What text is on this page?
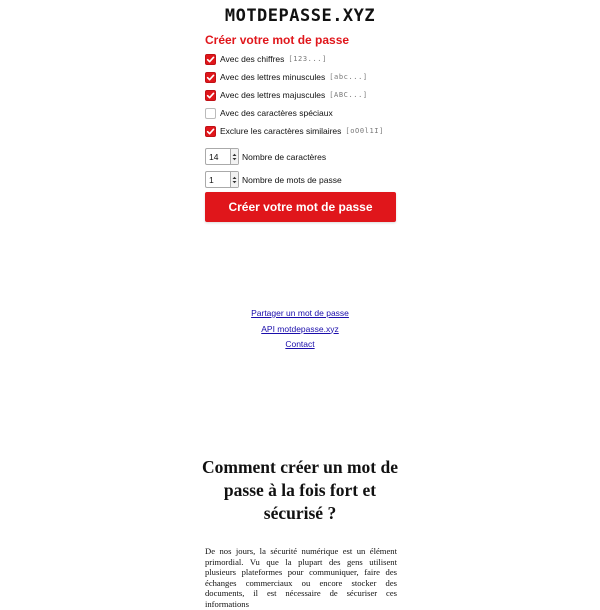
MOTDEPASSE.XYZ
Créer votre mot de passe
Avec des chiffres [123...]
Avec des lettres minuscules [abc...]
Avec des lettres majuscules [ABC...]
Avec des caractères spéciaux
Exclure les caractères similaires [oO0l1I]
14	Nombre de caractères
1	Nombre de mots de passe
Créer votre mot de passe
Partager un mot de passe
API motdepasse.xyz
Contact
Comment créer un mot de passe à la fois fort et sécurisé ?

De nos jours, la sécurité numérique est un élément primordial. Vu que la plupart des gens utilisent plusieurs plateformes pour communiquer, faire des échanges commerciaux ou encore stocker des documents, il est nécessaire de sécuriser ces informations
